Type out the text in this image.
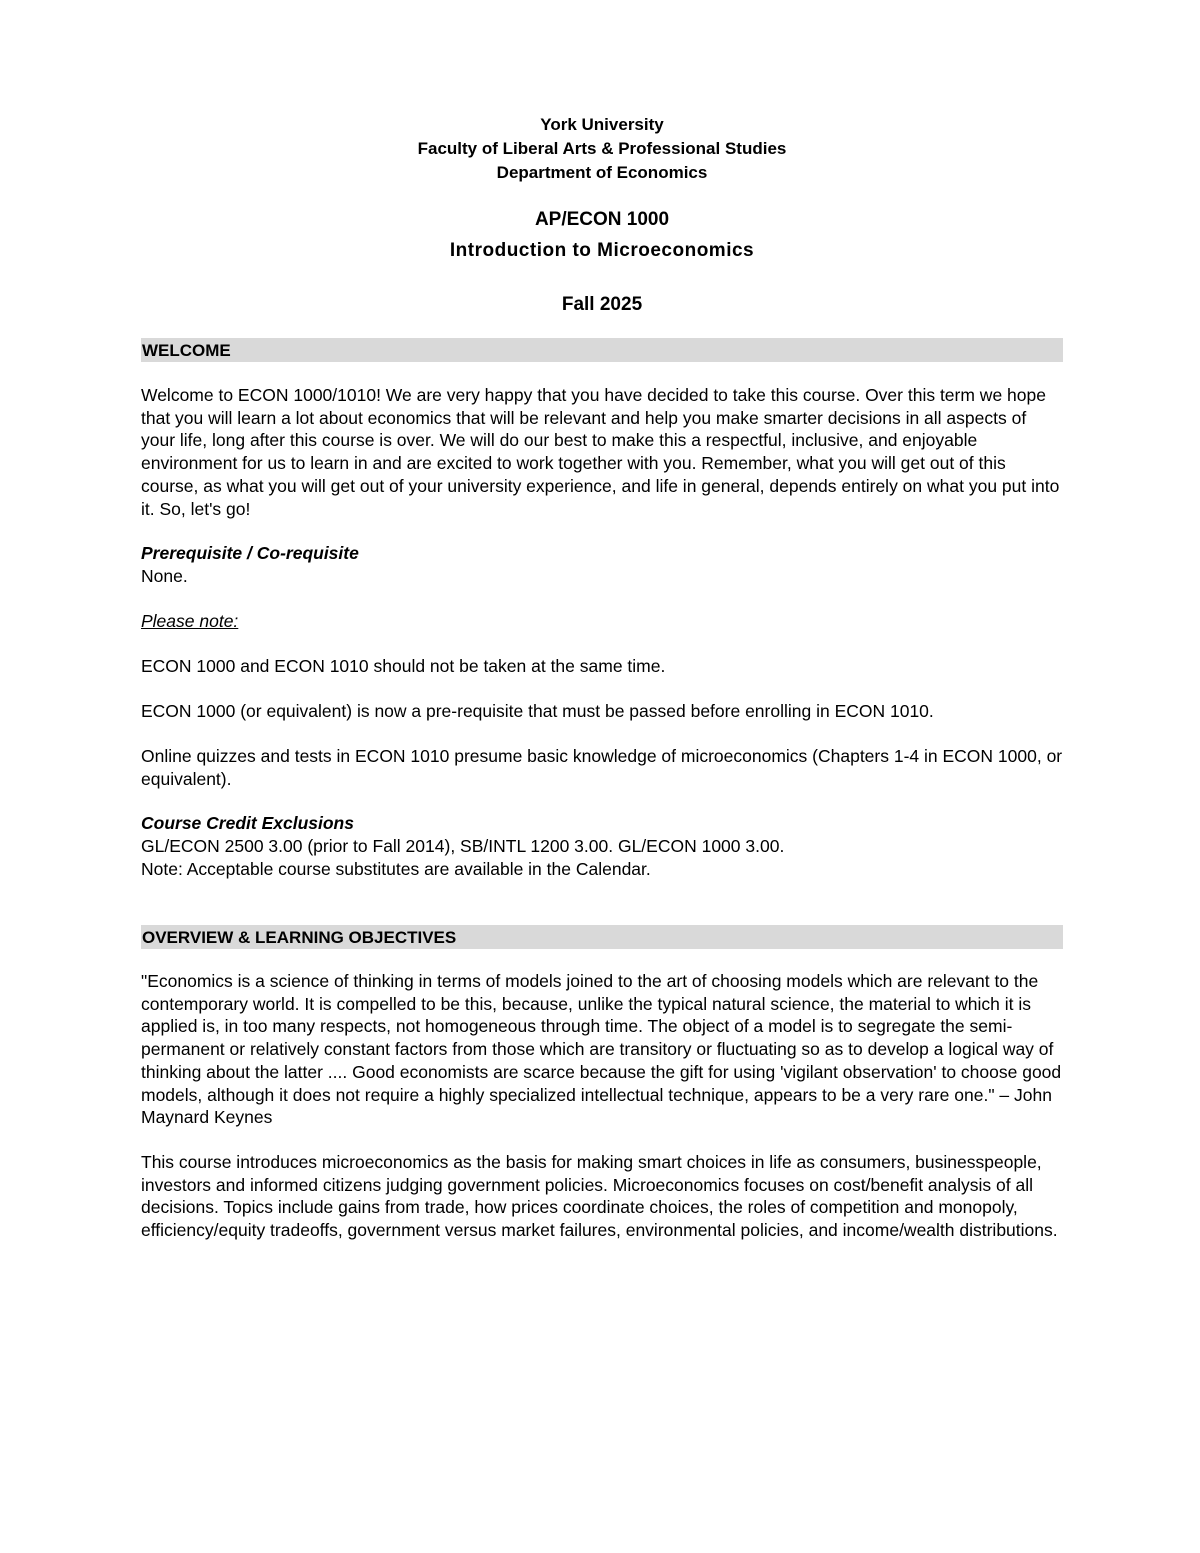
York University
Faculty of Liberal Arts & Professional Studies
Department of Economics
AP/ECON 1000
Introduction to Microeconomics
Fall 2025
WELCOME
Welcome to ECON 1000/1010! We are very happy that you have decided to take this course. Over this term we hope that you will learn a lot about economics that will be relevant and help you make smarter decisions in all aspects of your life, long after this course is over. We will do our best to make this a respectful, inclusive, and enjoyable environment for us to learn in and are excited to work together with you. Remember, what you will get out of this course, as what you will get out of your university experience, and life in general, depends entirely on what you put into it. So, let's go!
Prerequisite / Co-requisite
None.
Please note:
ECON 1000 and ECON 1010 should not be taken at the same time.
ECON 1000 (or equivalent) is now a pre-requisite that must be passed before enrolling in ECON 1010.
Online quizzes and tests in ECON 1010 presume basic knowledge of microeconomics (Chapters 1-4 in ECON 1000, or equivalent).
Course Credit Exclusions
GL/ECON 2500 3.00 (prior to Fall 2014), SB/INTL 1200 3.00. GL/ECON 1000 3.00.
Note: Acceptable course substitutes are available in the Calendar.
OVERVIEW & LEARNING OBJECTIVES
"Economics is a science of thinking in terms of models joined to the art of choosing models which are relevant to the contemporary world. It is compelled to be this, because, unlike the typical natural science, the material to which it is applied is, in too many respects, not homogeneous through time. The object of a model is to segregate the semi-permanent or relatively constant factors from those which are transitory or fluctuating so as to develop a logical way of thinking about the latter .... Good economists are scarce because the gift for using 'vigilant observation' to choose good models, although it does not require a highly specialized intellectual technique, appears to be a very rare one." – John Maynard Keynes
This course introduces microeconomics as the basis for making smart choices in life as consumers, businesspeople, investors and informed citizens judging government policies. Microeconomics focuses on cost/benefit analysis of all decisions. Topics include gains from trade, how prices coordinate choices, the roles of competition and monopoly, efficiency/equity tradeoffs, government versus market failures, environmental policies, and income/wealth distributions.
